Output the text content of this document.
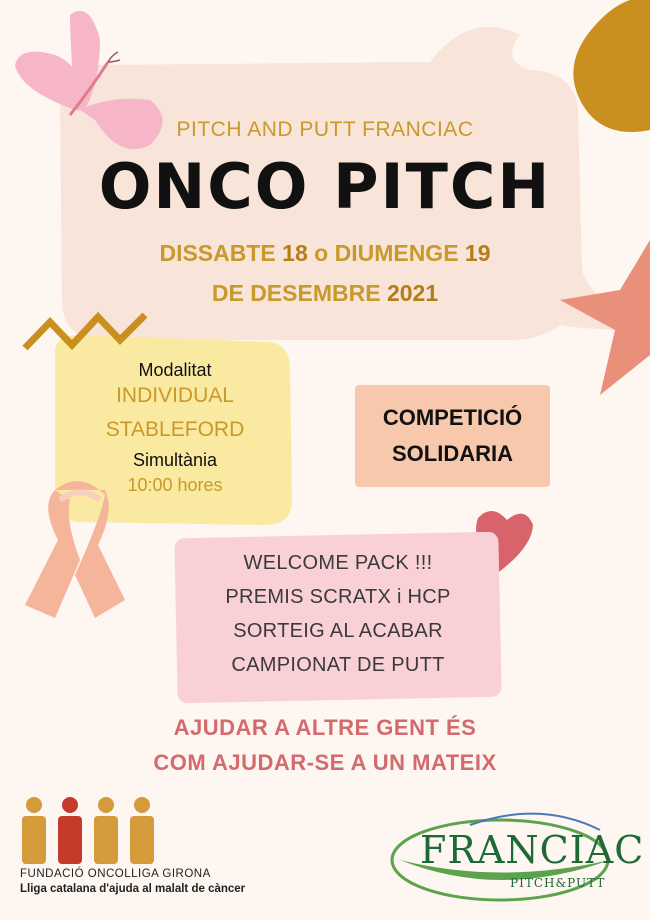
PITCH AND PUTT FRANCIAC
ONCO PITCH
DISSABTE 18 o DIUMENGE 19
DE DESEMBRE 2021
Modalitat
INDIVIDUAL
STABLEFORD
Simultània
10:00 hores
COMPETICIÓ
SOLIDARIA
WELCOME PACK !!!
PREMIS SCRATX i HCP
SORTEIG AL ACABAR
CAMPIONAT DE PUTT
AJUDAR A ALTRE GENT ÉS
COM AJUDAR-SE A UN MATEIX
FUNDACIÓ ONCOLLIGA GIRONA
Lliga catalana d'ajuda al malalt de càncer
FRANCIAC
PITCH&PUTT
